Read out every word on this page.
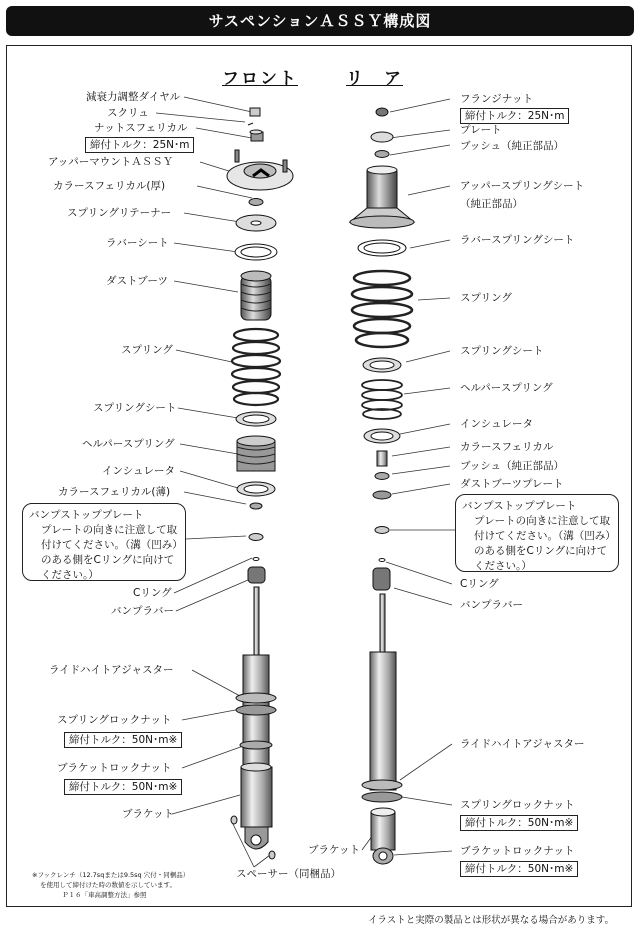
サスペンションＡＳＳＹ構成図
フロント	リ　ア
減衰力調整ダイヤル
スクリュ
ナットスフェリカル
締付トルク：25N･m
アッパーマウントＡＳＳＹ
カラースフェリカル(厚)
スプリングリテーナー
ラバーシート
ダストブーツ
スプリング
スプリングシート
ヘルパースプリング
インシュレータ
カラースフェリカル(薄)
バンプストッププレート
プレートの向きに注意して取付けてください。（溝（凹み）のある側をCリングに向けてください。）
Cリング
バンプラバー
ライドハイトアジャスター
スプリングロックナット
締付トルク：50N･m※
ブラケットロックナット
締付トルク：50N･m※
ブラケット
スペーサー（同梱品）
※フックレンチ（12.7sqまたは9.5sq 穴付・同梱品）
を使用して締付けた時の数値を示しています。
Ｐ１６「車高調整方法」参照
フランジナット
締付トルク：25N･m
プレート
ブッシュ（純正部品）
アッパースプリングシート
（純正部品）
ラバースプリングシート
スプリング
スプリングシート
ヘルパースプリング
インシュレータ
カラースフェリカル
ブッシュ（純正部品）
ダストブーツプレート
バンプストッププレート
プレートの向きに注意して取付けてください。（溝（凹み）のある側をCリングに向けてください。）
Cリング
バンプラバー
ライドハイトアジャスター
スプリングロックナット
締付トルク：50N･m※
ブラケット	ブラケットロックナット
締付トルク：50N･m※
イラストと実際の製品とは形状が異なる場合があります。
